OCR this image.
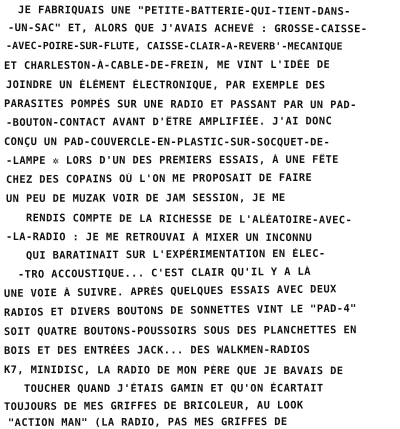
JE FABRIQUAIS UNE "PETITE-BATTERIE-QUI-TIENT-DANS-
-UN-SAC" ET, ALORS QUE J'AVAIS ACHEVÉ : GROSSE-CAISSE-
-AVEC-POIRE-SUR-FLUTE, CAISSE-CLAIR-À-RÉVERB'-MÉCANIQUE
ET CHARLESTON-À-CABLE-DE-FREIN, ME VINT L'IDÉE DE
JOINDRE UN ÉLÉMENT ÉLECTRONIQUE, PAR EXEMPLE DES
PARASITES POMPÉS SUR UNE RADIO ET PASSANT PAR UN PAD-
-BOUTON-CONTACT AVANT D'ÊTRE AMPLIFIÉE. J'AI DONC
CONÇU UN PAD-COUVERCLE-EN-PLASTIC-SUR-SOCQUET-DE-
-LAMPE ✲ LORS D'UN DES PREMIERS ESSAIS, À UNE FÊTE
CHEZ DES COPAINS OÙ L'ON ME PROPOSAIT DE FAIRE
UN PEU DE MUZAK VOIR DE JAM SESSION, JE ME
RENDIS COMPTE DE LA RICHESSE DE L'ALÉATOIRE-AVEC-
-LA-RADIO : JE ME RETROUVAI À MIXER UN INCONNU
QUI BARATINAIT SUR L'EXPÉRIMENTATION EN ÉLEC-
-TRO ACCOUSTIQUE... C'EST CLAIR QU'IL Y A LÀ
UNE VOIE À SUIVRE. APRÈS QUELQUES ESSAIS AVEC DEUX
RADIOS ET DIVERS BOUTONS DE SONNETTES VINT LE "PAD-4"
SOIT QUATRE BOUTONS-POUSSOIRS SOUS DES PLANCHETTES EN
BOIS ET DES ENTRÉES JACK... DES WALKMEN-RADIOS
K7, MINIDISC, LA RADIO DE MON PÈRE QUE JE BAVAIS DE
TOUCHER QUAND J'ÉTAIS GAMIN ET QU'ON ÉCARTAIT
TOUJOURS DE MES GRIFFES DE BRICOLEUR, AU LOOK
"ACTION MAN" (LA RADIO, PAS MES GRIFFES DE
